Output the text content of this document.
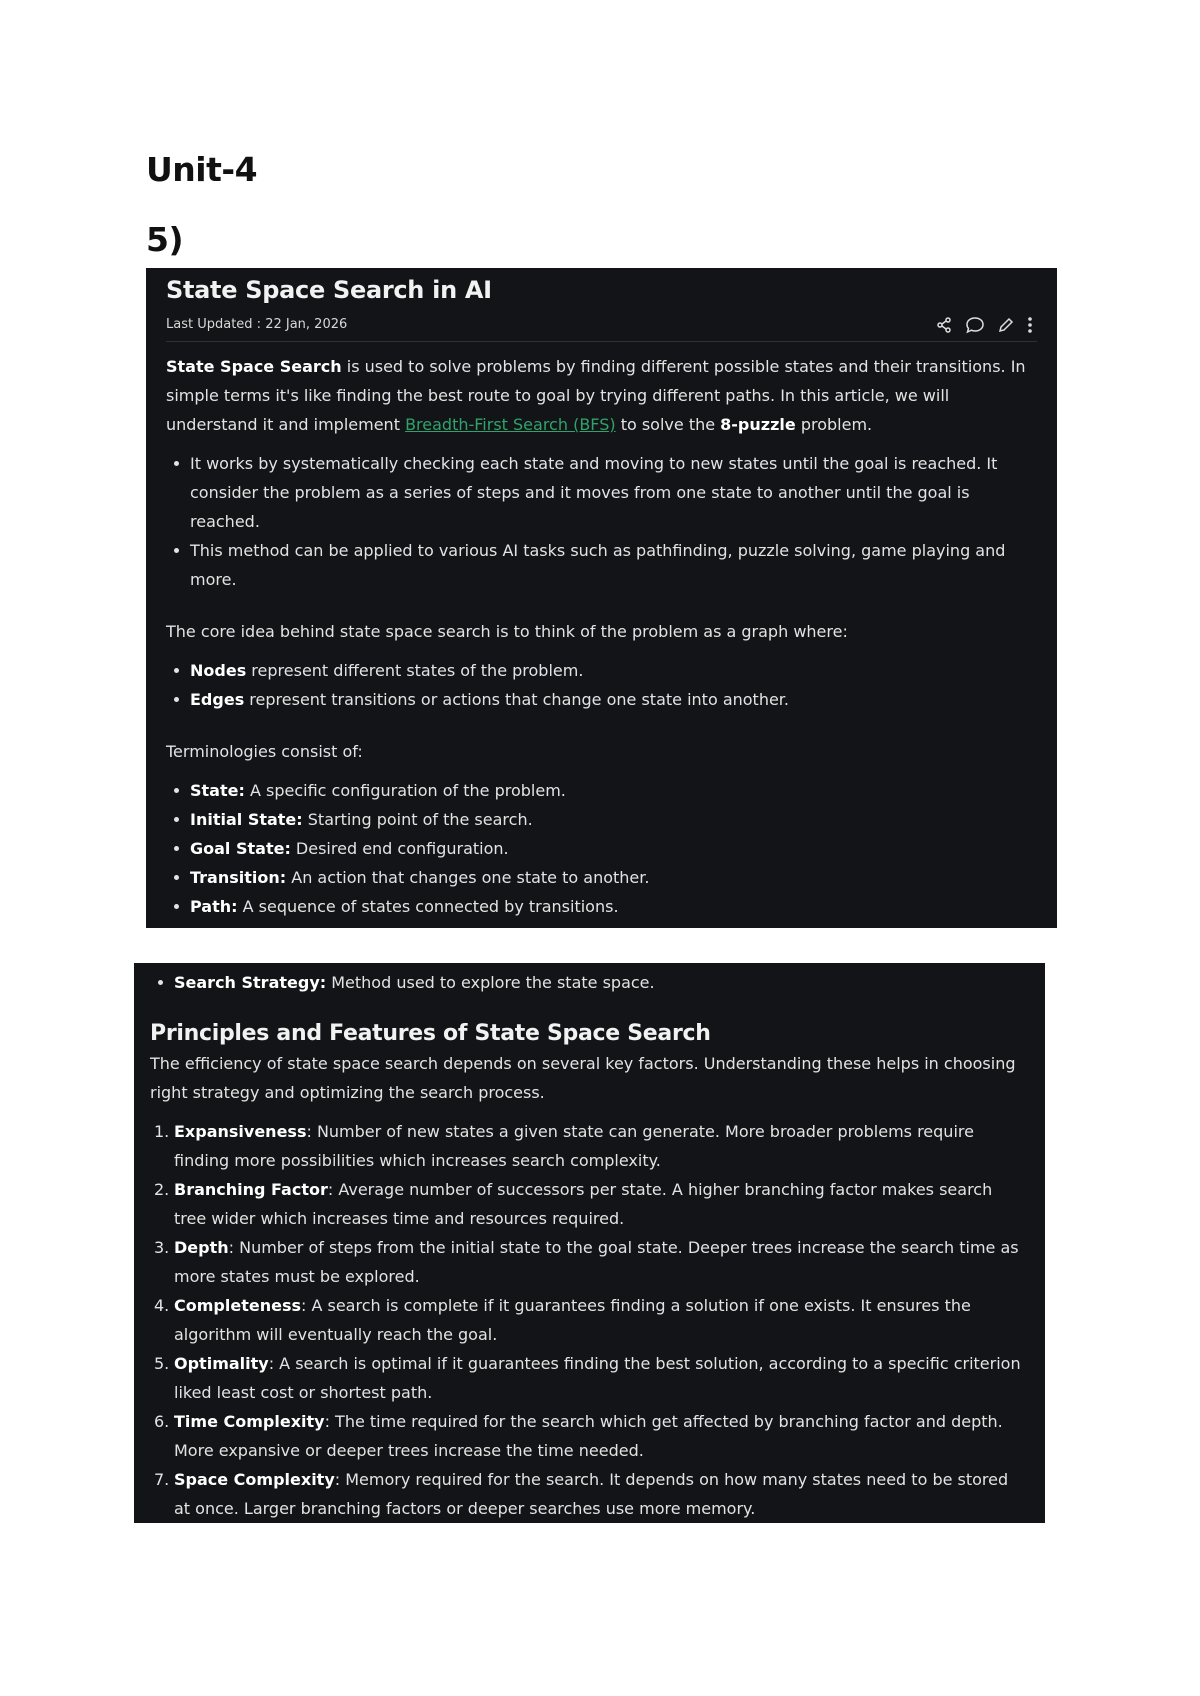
Unit-4
5)
State Space Search in AI
Last Updated : 22 Jan, 2026

State Space Search is used to solve problems by finding different possible states and their transitions. In simple terms it's like finding the best route to goal by trying different paths. In this article, we will understand it and implement Breadth-First Search (BFS) to solve the 8-puzzle problem.

It works by systematically checking each state and moving to new states until the goal is reached. It consider the problem as a series of steps and it moves from one state to another until the goal is reached.
This method can be applied to various AI tasks such as pathfinding, puzzle solving, game playing and more.

The core idea behind state space search is to think of the problem as a graph where:

Nodes represent different states of the problem.
Edges represent transitions or actions that change one state into another.

Terminologies consist of:

State: A specific configuration of the problem.
Initial State: Starting point of the search.
Goal State: Desired end configuration.
Transition: An action that changes one state to another.
Path: A sequence of states connected by transitions.
Search Strategy: Method used to explore the state space.
Principles and Features of State Space Search

The efficiency of state space search depends on several key factors. Understanding these helps in choosing right strategy and optimizing the search process.

1. Expansiveness: Number of new states a given state can generate. More broader problems require finding more possibilities which increases search complexity.
2. Branching Factor: Average number of successors per state. A higher branching factor makes search tree wider which increases time and resources required.
3. Depth: Number of steps from the initial state to the goal state. Deeper trees increase the search time as more states must be explored.
4. Completeness: A search is complete if it guarantees finding a solution if one exists. It ensures the algorithm will eventually reach the goal.
5. Optimality: A search is optimal if it guarantees finding the best solution, according to a specific criterion liked least cost or shortest path.
6. Time Complexity: The time required for the search which get affected by branching factor and depth. More expansive or deeper trees increase the time needed.
7. Space Complexity: Memory required for the search. It depends on how many states need to be stored at once. Larger branching factors or deeper searches use more memory.
